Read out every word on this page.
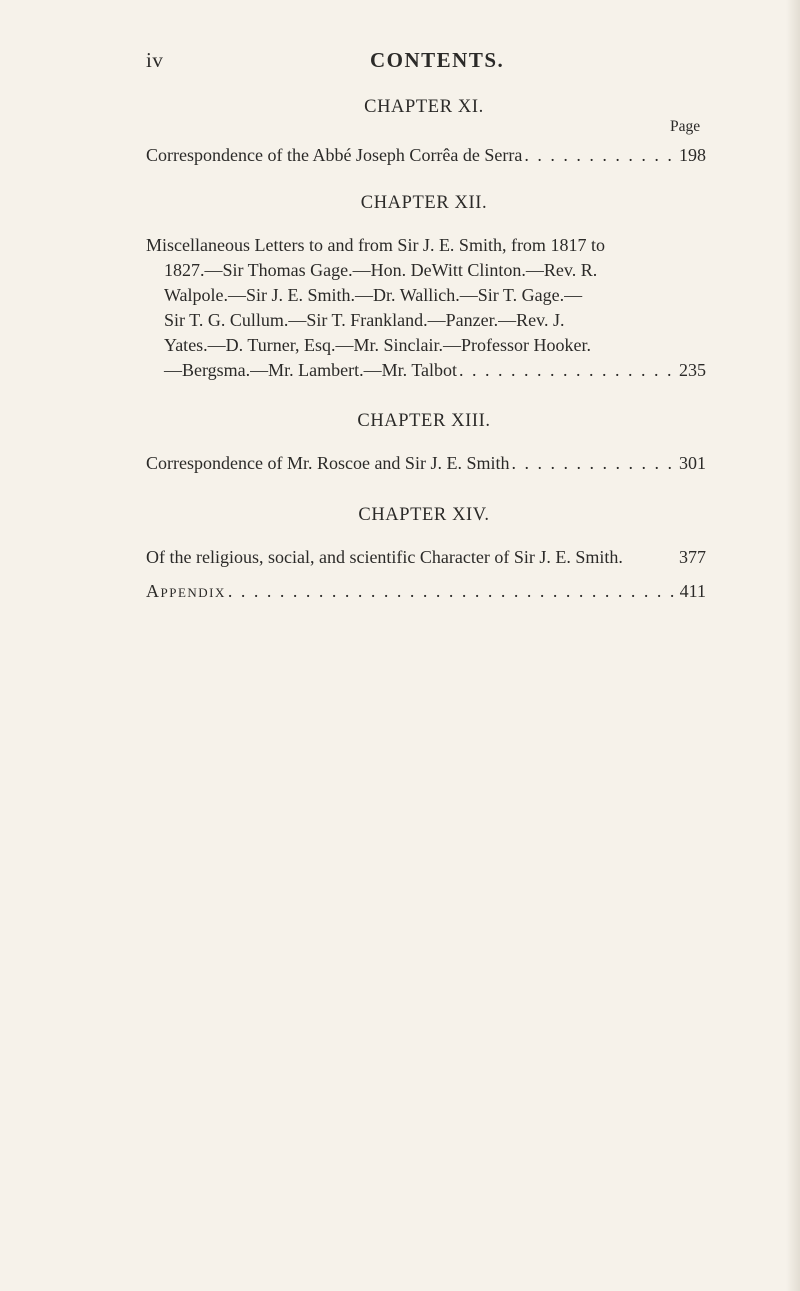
iv	CONTENTS.
CHAPTER XI.
Page
Correspondence of the Abbé Joseph Corrêa de Serra . . .	198
CHAPTER XII.
Miscellaneous Letters to and from Sir J. E. Smith, from 1817 to
1827.—Sir Thomas Gage.—Hon. DeWitt Clinton.—Rev. R.
Walpole.—Sir J. E. Smith.—Dr. Wallich.—Sir T. Gage.—
Sir T. G. Cullum.—Sir T. Frankland.—Panzer.—Rev. J.
Yates.—D. Turner, Esq.—Mr. Sinclair.—Professor Hooker.
—Bergsma.—Mr. Lambert.—Mr. Talbot . . .	235
CHAPTER XIII.
Correspondence of Mr. Roscoe and Sir J. E. Smith . . .	301
CHAPTER XIV.
Of the religious, social, and scientific Character of Sir J. E. Smith.	377
Appendix . . .	411
